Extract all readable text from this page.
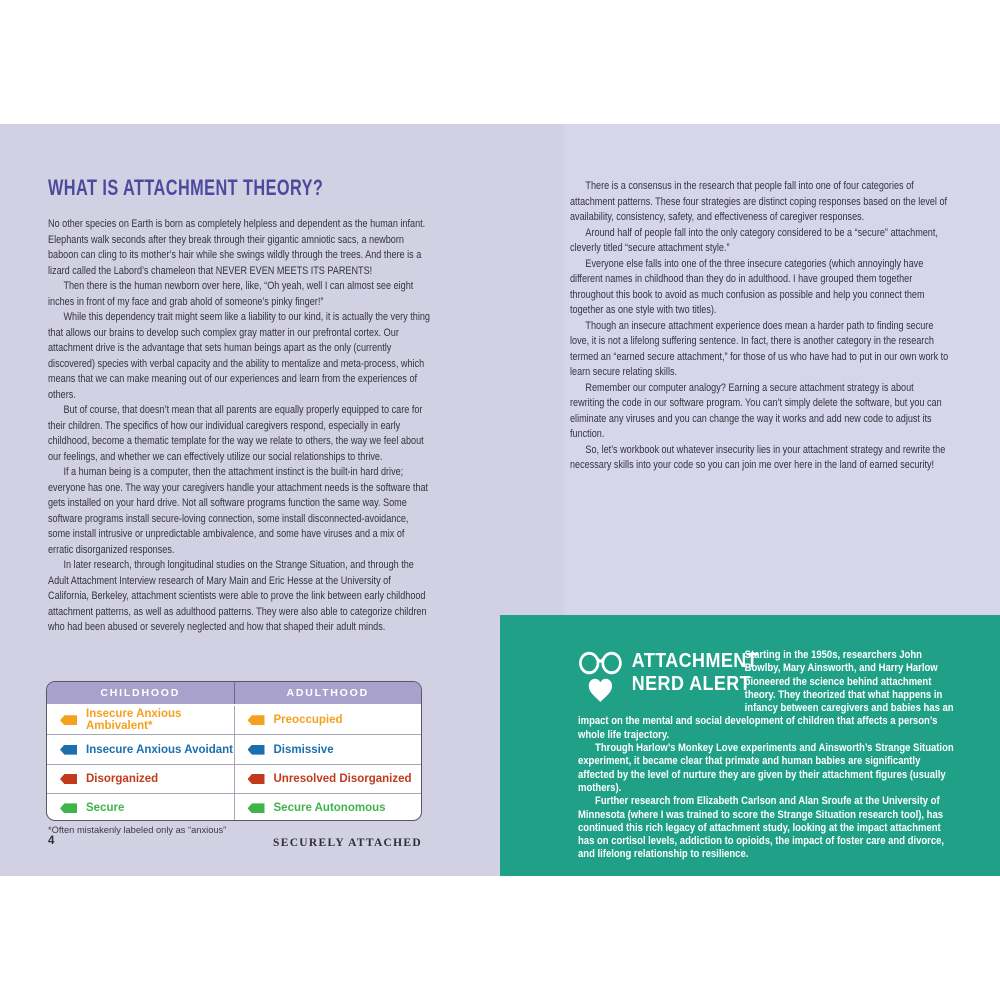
WHAT IS ATTACHMENT THEORY?

No other species on Earth is born as completely helpless and dependent as the human infant. Elephants walk seconds after they break through their gigantic amniotic sacs, a newborn baboon can cling to its mother’s hair while she swings wildly through the trees. And there is a lizard called the Labord’s chameleon that NEVER EVEN MEETS ITS PARENTS!

Then there is the human newborn over here, like, “Oh yeah, well I can almost see eight inches in front of my face and grab ahold of someone’s pinky finger!”

While this dependency trait might seem like a liability to our kind, it is actually the very thing that allows our brains to develop such complex gray matter in our prefrontal cortex. Our attachment drive is the advantage that sets human beings apart as the only (currently discovered) species with verbal capacity and the ability to mentalize and meta-process, which means that we can make meaning out of our experiences and learn from the experiences of others.

But of course, that doesn’t mean that all parents are equally properly equipped to care for their children. The specifics of how our individual caregivers respond, especially in early childhood, become a thematic template for the way we relate to others, the way we feel about our feelings, and whether we can effectively utilize our social relationships to thrive.

If a human being is a computer, then the attachment instinct is the built-in hard drive; everyone has one. The way your caregivers handle your attachment needs is the software that gets installed on your hard drive. Not all software programs function the same way. Some software programs install secure-loving connection, some install disconnected-avoidance, some install intrusive or unpredictable ambivalence, and some have viruses and a mix of erratic disorganized responses.

In later research, through longitudinal studies on the Strange Situation, and through the Adult Attachment Interview research of Mary Main and Eric Hesse at the University of California, Berkeley, attachment scientists were able to prove the link between early childhood attachment patterns, as well as adulthood patterns. They were also able to categorize children who had been abused or severely neglected and how that shaped their adult minds.

CHILDHOOD	ADULTHOOD
Insecure Anxious Ambivalent*	Preoccupied
Insecure Anxious Avoidant	Dismissive
Disorganized	Unresolved Disorganized
Secure	Secure Autonomous

*Often mistakenly labeled only as “anxious”

4	SECURELY ATTACHED

There is a consensus in the research that people fall into one of four categories of attachment patterns. These four strategies are distinct coping responses based on the level of availability, consistency, safety, and effectiveness of caregiver responses.

Around half of people fall into the only category considered to be a “secure” attachment, cleverly titled “secure attachment style.”

Everyone else falls into one of the three insecure categories (which annoyingly have different names in childhood than they do in adulthood. I have grouped them together throughout this book to avoid as much confusion as possible and help you connect them together as one style with two titles).

Though an insecure attachment experience does mean a harder path to finding secure love, it is not a lifelong suffering sentence. In fact, there is another category in the research termed an “earned secure attachment,” for those of us who have had to put in our own work to learn secure relating skills.

Remember our computer analogy? Earning a secure attachment strategy is about rewriting the code in our software program. You can’t simply delete the software, but you can eliminate any viruses and you can change the way it works and add new code to adjust its function.

So, let’s workbook out whatever insecurity lies in your attachment strategy and rewrite the necessary skills into your code so you can join me over here in the land of earned security!

ATTACHMENT
NERD ALERT

Starting in the 1950s, researchers John Bowlby, Mary Ainsworth, and Harry Harlow pioneered the science behind attachment theory. They theorized that what happens in infancy between caregivers and babies has an impact on the mental and social development of children that affects a person’s whole life trajectory.

Through Harlow’s Monkey Love experiments and Ainsworth’s Strange Situation experiment, it became clear that primate and human babies are significantly affected by the level of nurture they are given by their attachment figures (usually mothers).

Further research from Elizabeth Carlson and Alan Sroufe at the University of Minnesota (where I was trained to score the Strange Situation research tool), has continued this rich legacy of attachment study, looking at the impact attachment has on cortisol levels, addiction to opioids, the impact of foster care and divorce, and lifelong relationship to resilience.
